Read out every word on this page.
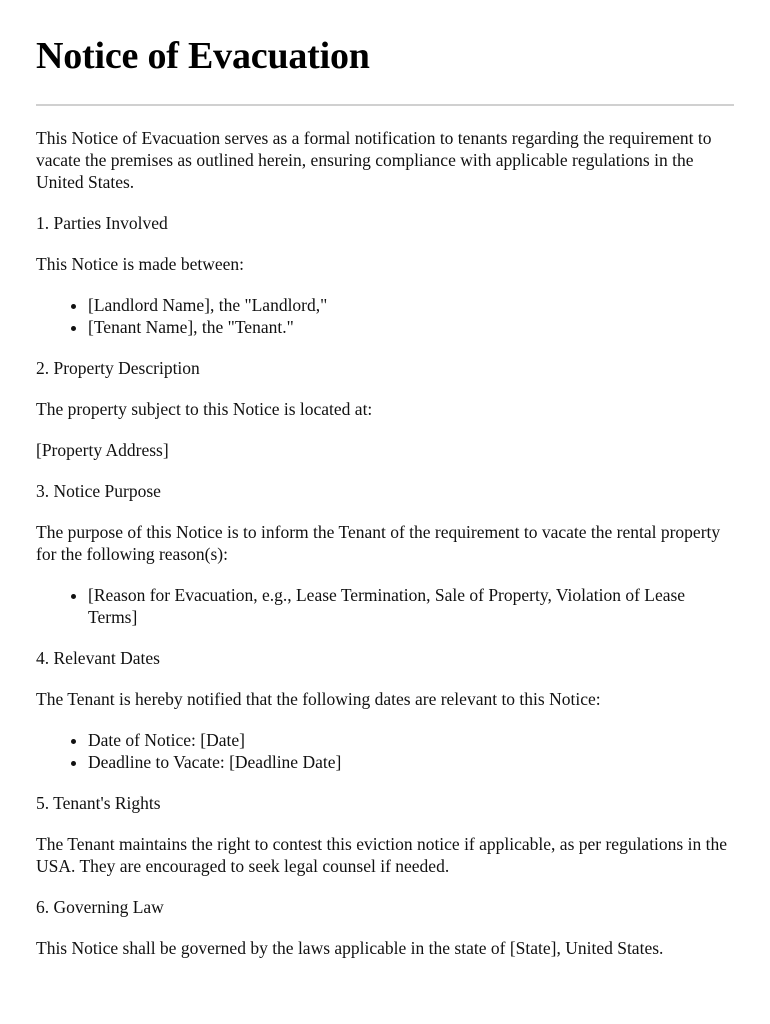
Notice of Evacuation

This Notice of Evacuation serves as a formal notification to tenants regarding the requirement to vacate the premises as outlined herein, ensuring compliance with applicable regulations in the United States.

1. Parties Involved

This Notice is made between:

• [Landlord Name], the "Landlord,"
• [Tenant Name], the "Tenant."

2. Property Description

The property subject to this Notice is located at:

[Property Address]

3. Notice Purpose

The purpose of this Notice is to inform the Tenant of the requirement to vacate the rental property for the following reason(s):

• [Reason for Evacuation, e.g., Lease Termination, Sale of Property, Violation of Lease Terms]

4. Relevant Dates

The Tenant is hereby notified that the following dates are relevant to this Notice:

• Date of Notice: [Date]
• Deadline to Vacate: [Deadline Date]

5. Tenant's Rights

The Tenant maintains the right to contest this eviction notice if applicable, as per regulations in the USA. They are encouraged to seek legal counsel if needed.

6. Governing Law

This Notice shall be governed by the laws applicable in the state of [State], United States.
